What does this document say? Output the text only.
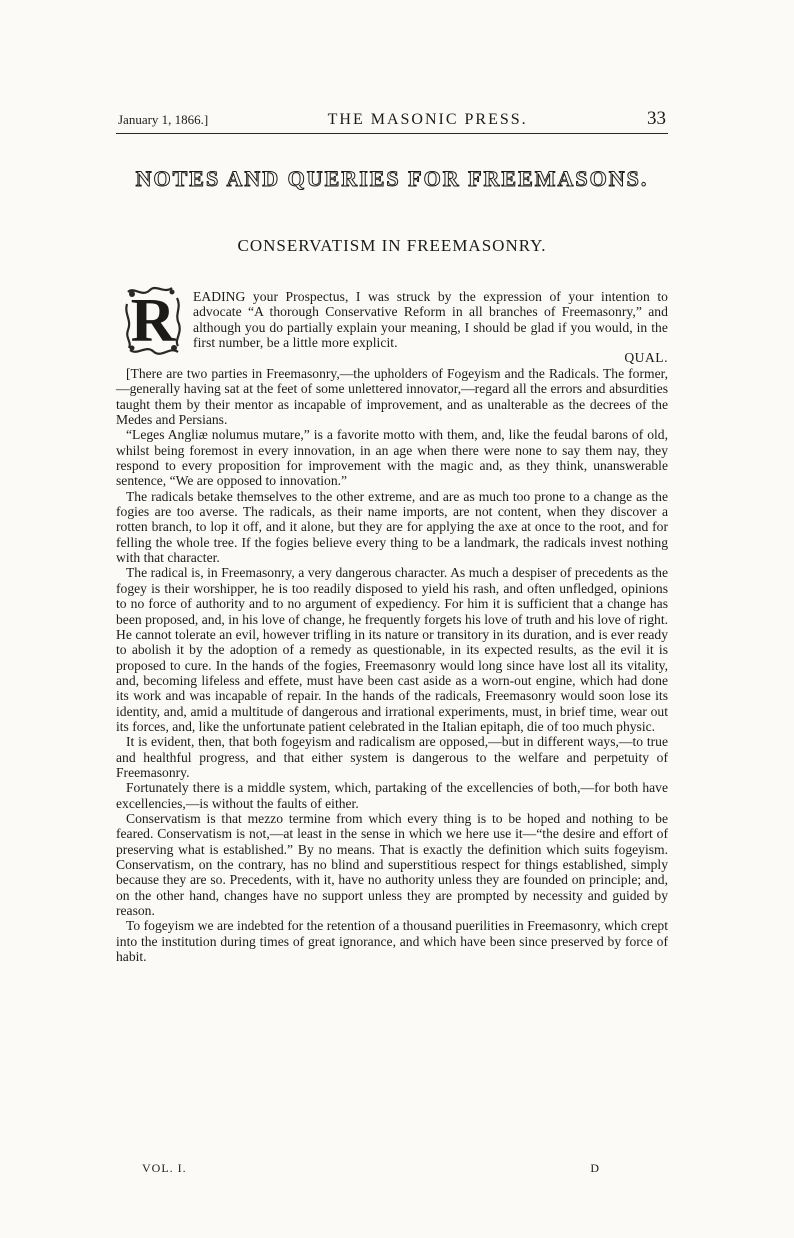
January 1, 1866.]	THE MASONIC PRESS.	33
NOTES AND QUERIES FOR FREEMASONS.
CONSERVATISM IN FREEMASONRY.
R EADING your Prospectus, I was struck by the expression of your intention to advocate “A thorough Conservative Reform in all branches of Freemasonry,” and although you do partially explain your meaning, I should be glad if you would, in the first number, be a little more explicit.
QUAL.

[There are two parties in Freemasonry,—the upholders of Fogeyism and the Radicals. The former,—generally having sat at the feet of some unlettered innovator,—regard all the errors and absurdities taught them by their mentor as incapable of improvement, and as unalterable as the decrees of the Medes and Persians.

“Leges Angliæ nolumus mutare,” is a favorite motto with them, and, like the feudal barons of old, whilst being foremost in every innovation, in an age when there were none to say them nay, they respond to every proposition for improvement with the magic and, as they think, unanswerable sentence, “We are opposed to innovation.”

The radicals betake themselves to the other extreme, and are as much too prone to a change as the fogies are too averse. The radicals, as their name imports, are not content, when they discover a rotten branch, to lop it off, and it alone, but they are for applying the axe at once to the root, and for felling the whole tree. If the fogies believe every thing to be a landmark, the radicals invest nothing with that character.

The radical is, in Freemasonry, a very dangerous character. As much a despiser of precedents as the fogey is their worshipper, he is too readily disposed to yield his rash, and often unfledged, opinions to no force of authority and to no argument of expediency. For him it is sufficient that a change has been proposed, and, in his love of change, he frequently forgets his love of truth and his love of right. He cannot tolerate an evil, however trifling in its nature or transitory in its duration, and is ever ready to abolish it by the adoption of a remedy as questionable, in its expected results, as the evil it is proposed to cure. In the hands of the fogies, Freemasonry would long since have lost all its vitality, and, becoming lifeless and effete, must have been cast aside as a worn-out engine, which had done its work and was incapable of repair. In the hands of the radicals, Freemasonry would soon lose its identity, and, amid a multitude of dangerous and irrational experiments, must, in brief time, wear out its forces, and, like the unfortunate patient celebrated in the Italian epitaph, die of too much physic.

It is evident, then, that both fogeyism and radicalism are opposed,—but in different ways,—to true and healthful progress, and that either system is dangerous to the welfare and perpetuity of Freemasonry.

Fortunately there is a middle system, which, partaking of the excellencies of both,—for both have excellencies,—is without the faults of either.

Conservatism is that mezzo termine from which every thing is to be hoped and nothing to be feared. Conservatism is not,—at least in the sense in which we here use it—“the desire and effort of preserving what is established.” By no means. That is exactly the definition which suits fogeyism. Conservatism, on the contrary, has no blind and superstitious respect for things established, simply because they are so. Precedents, with it, have no authority unless they are founded on principle; and, on the other hand, changes have no support unless they are prompted by necessity and guided by reason.

To fogeyism we are indebted for the retention of a thousand puerilities in Freemasonry, which crept into the institution during times of great ignorance, and which have been since preserved by force of habit.

VOL. I.	D
